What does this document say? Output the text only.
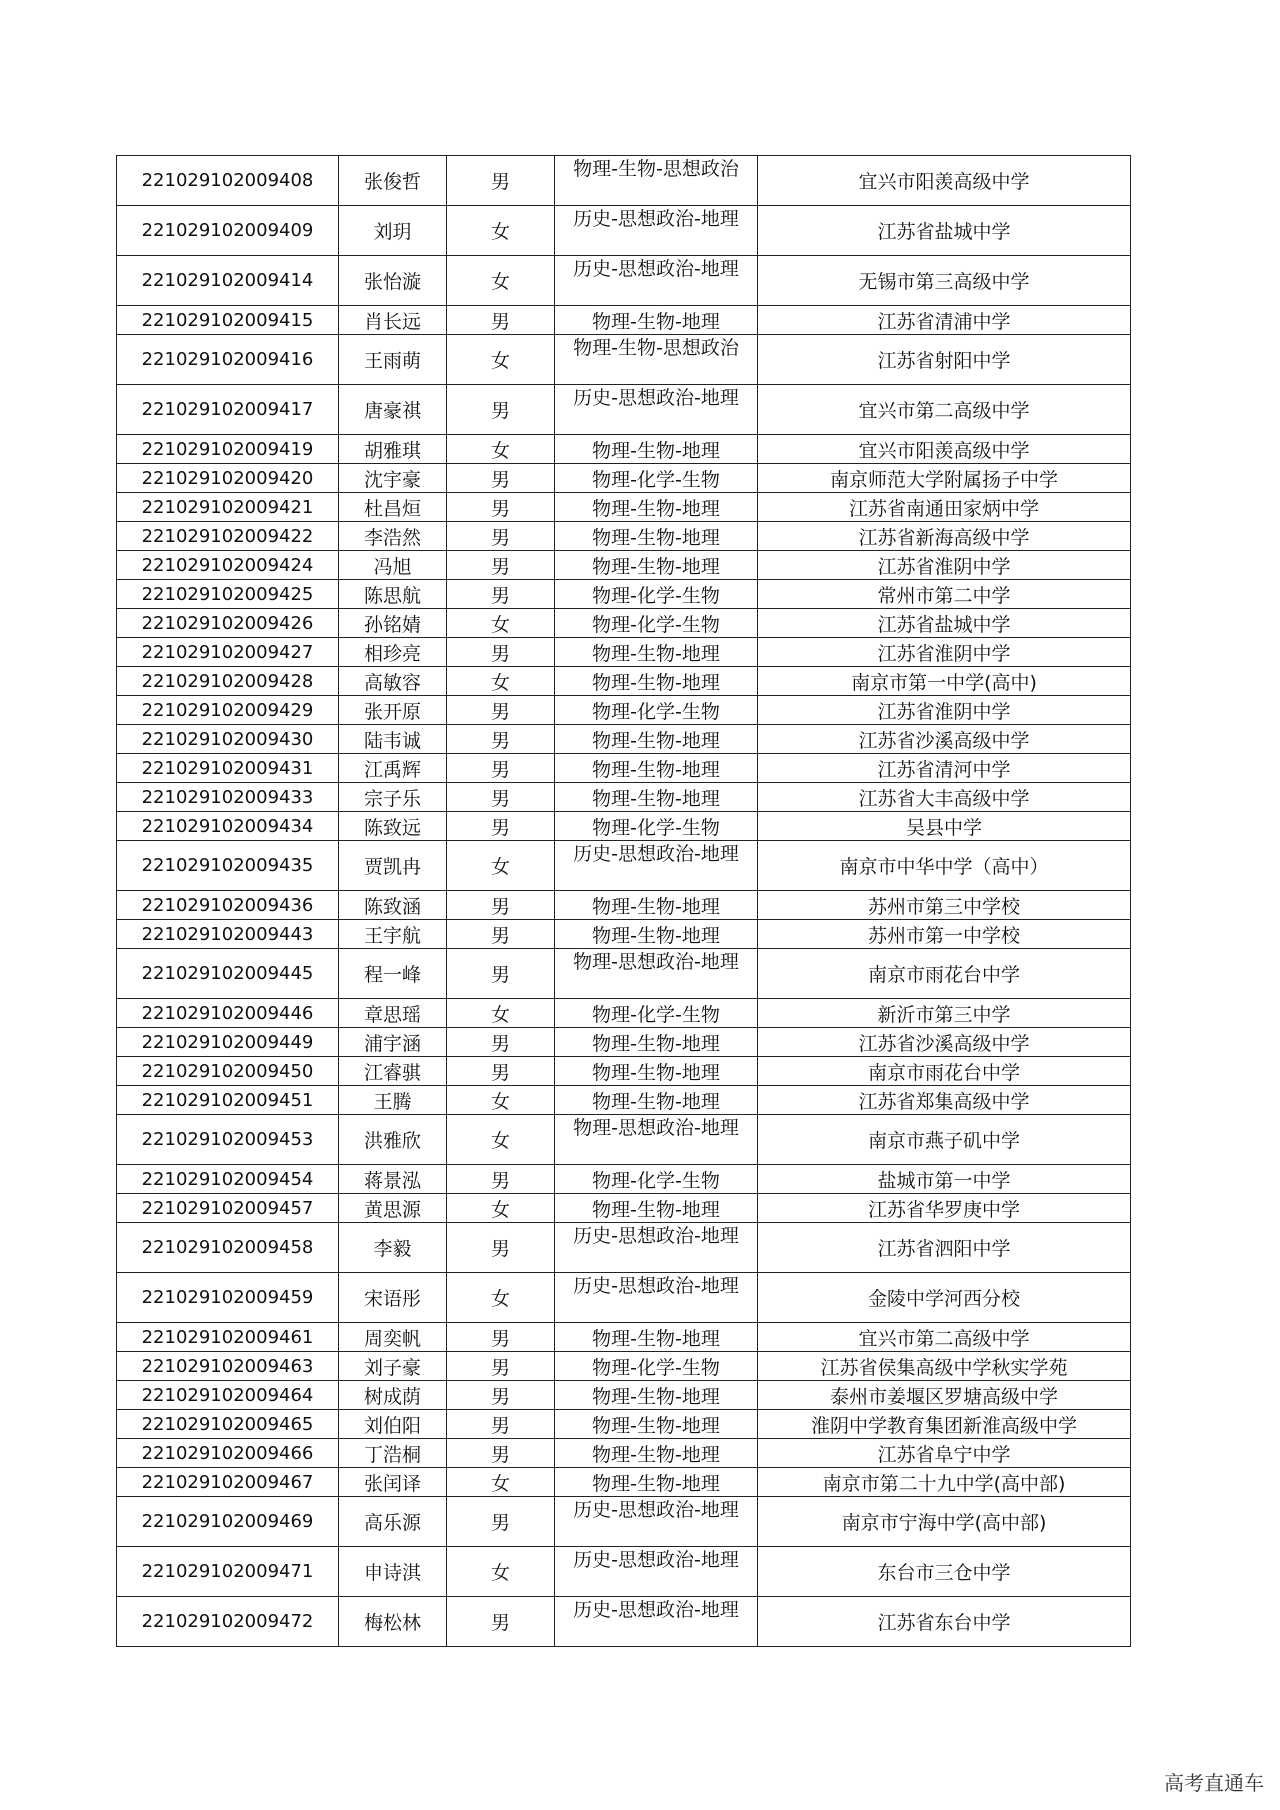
221029102009408	张俊哲	男	物理-生物-思想政治	宜兴市阳羡高级中学
221029102009409	刘玥	女	历史-思想政治-地理	江苏省盐城中学
221029102009414	张怡漩	女	历史-思想政治-地理	无锡市第三高级中学
221029102009415	肖长远	男	物理-生物-地理	江苏省清浦中学
221029102009416	王雨萌	女	物理-生物-思想政治	江苏省射阳中学
221029102009417	唐豪祺	男	历史-思想政治-地理	宜兴市第二高级中学
221029102009419	胡雅琪	女	物理-生物-地理	宜兴市阳羡高级中学
221029102009420	沈宇豪	男	物理-化学-生物	南京师范大学附属扬子中学
221029102009421	杜昌烜	男	物理-生物-地理	江苏省南通田家炳中学
221029102009422	李浩然	男	物理-生物-地理	江苏省新海高级中学
221029102009424	冯旭	男	物理-生物-地理	江苏省淮阴中学
221029102009425	陈思航	男	物理-化学-生物	常州市第二中学
221029102009426	孙铭婧	女	物理-化学-生物	江苏省盐城中学
221029102009427	相珍亮	男	物理-生物-地理	江苏省淮阴中学
221029102009428	高敏容	女	物理-生物-地理	南京市第一中学(高中)
221029102009429	张开原	男	物理-化学-生物	江苏省淮阴中学
221029102009430	陆韦诚	男	物理-生物-地理	江苏省沙溪高级中学
221029102009431	江禹辉	男	物理-生物-地理	江苏省清河中学
221029102009433	宗子乐	男	物理-生物-地理	江苏省大丰高级中学
221029102009434	陈致远	男	物理-化学-生物	吴县中学
221029102009435	贾凯冉	女	历史-思想政治-地理	南京市中华中学（高中）
221029102009436	陈致涵	男	物理-生物-地理	苏州市第三中学校
221029102009443	王宇航	男	物理-生物-地理	苏州市第一中学校
221029102009445	程一峰	男	物理-思想政治-地理	南京市雨花台中学
221029102009446	章思瑶	女	物理-化学-生物	新沂市第三中学
221029102009449	浦宇涵	男	物理-生物-地理	江苏省沙溪高级中学
221029102009450	江睿骐	男	物理-生物-地理	南京市雨花台中学
221029102009451	王腾	女	物理-生物-地理	江苏省郑集高级中学
221029102009453	洪雅欣	女	物理-思想政治-地理	南京市燕子矶中学
221029102009454	蒋景泓	男	物理-化学-生物	盐城市第一中学
221029102009457	黄思源	女	物理-生物-地理	江苏省华罗庚中学
221029102009458	李毅	男	历史-思想政治-地理	江苏省泗阳中学
221029102009459	宋语彤	女	历史-思想政治-地理	金陵中学河西分校
221029102009461	周奕帆	男	物理-生物-地理	宜兴市第二高级中学
221029102009463	刘子豪	男	物理-化学-生物	江苏省侯集高级中学秋实学苑
221029102009464	树成荫	男	物理-生物-地理	泰州市姜堰区罗塘高级中学
221029102009465	刘伯阳	男	物理-生物-地理	淮阴中学教育集团新淮高级中学
221029102009466	丁浩桐	男	物理-生物-地理	江苏省阜宁中学
221029102009467	张闰译	女	物理-生物-地理	南京市第二十九中学(高中部)
221029102009469	高乐源	男	历史-思想政治-地理	南京市宁海中学(高中部)
221029102009471	申诗淇	女	历史-思想政治-地理	东台市三仓中学
221029102009472	梅松林	男	历史-思想政治-地理	江苏省东台中学
高考直通车
